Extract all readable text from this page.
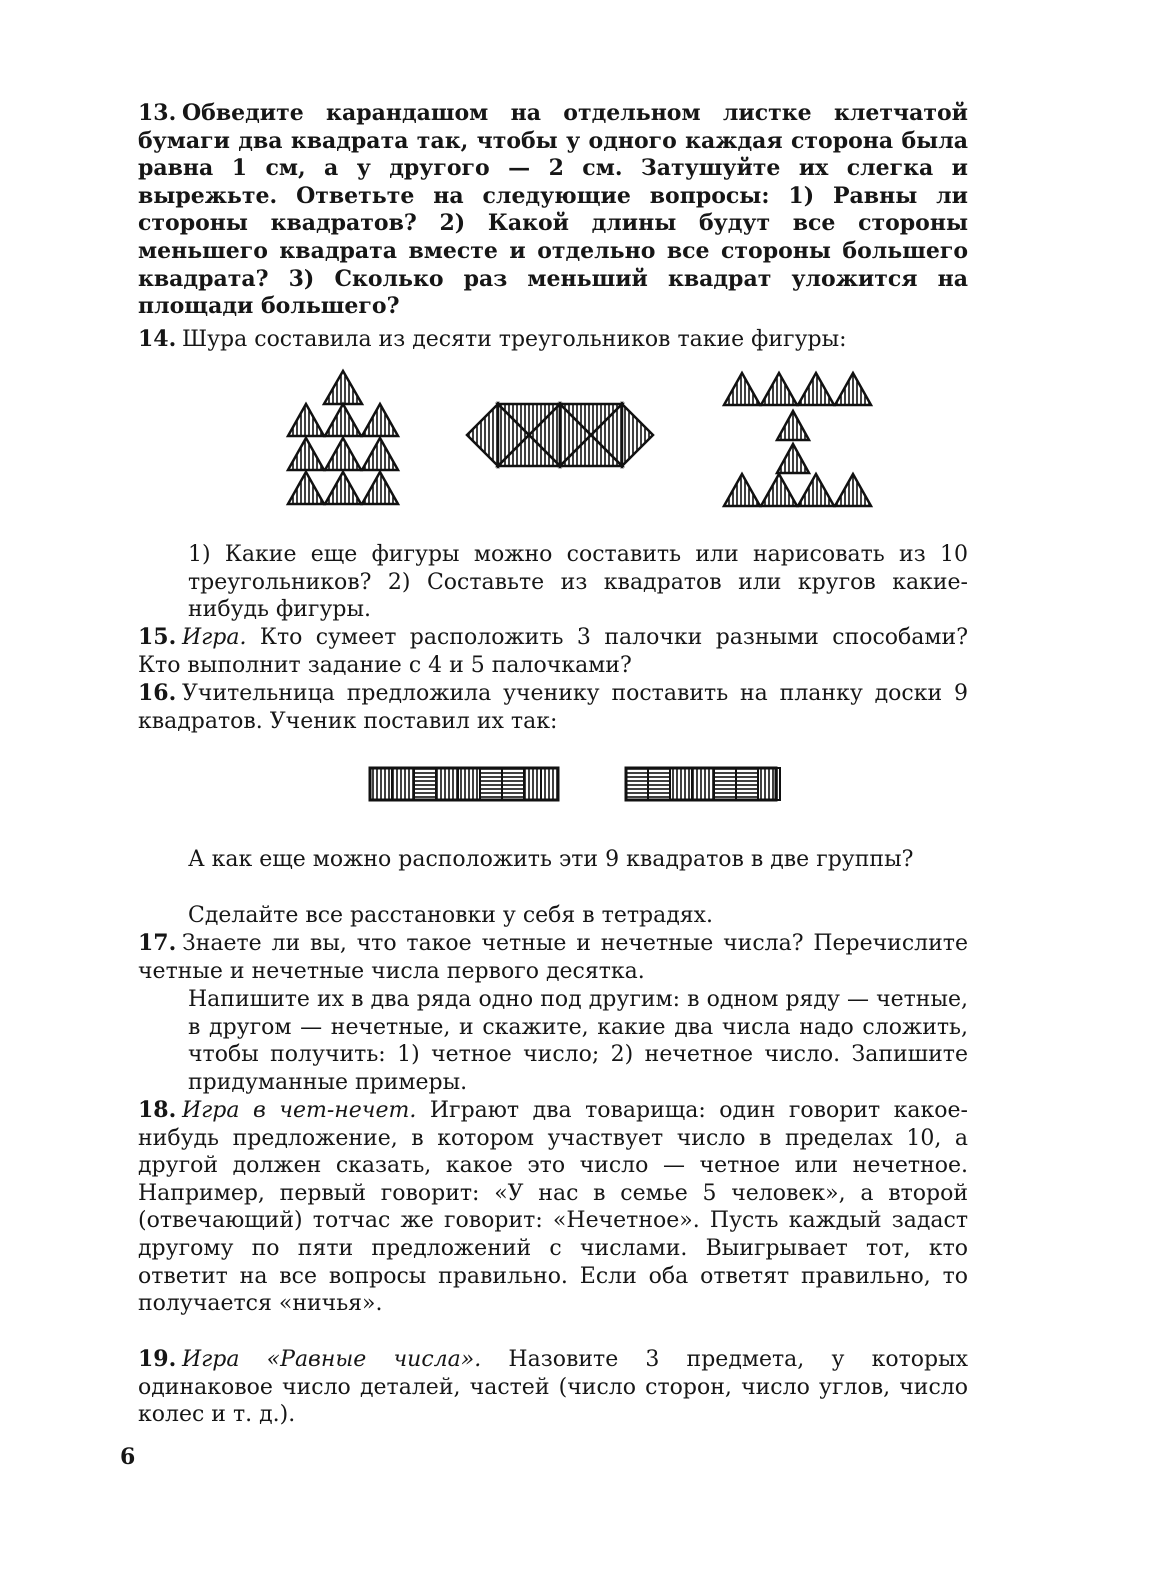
13. Обведите карандашом на отдельном листке клетчатой бумаги два квадрата так, чтобы у одного каждая сторона была равна 1 см, а у другого — 2 см. Затушуйте их слегка и вырежьте. Ответьте на следующие вопросы: 1) Равны ли стороны квадратов? 2) Какой длины будут все стороны меньшего квадрата вместе и отдельно все стороны большего квадрата? 3) Сколько раз меньший квадрат уложится на площади большего?
14. Шура составила из десяти треугольников такие фигуры:
1) Какие еще фигуры можно составить или нарисовать из 10 треугольников? 2) Составьте из квадратов или кругов какие-нибудь фигуры.
15. Игра. Кто сумеет расположить 3 палочки разными способами? Кто выполнит задание с 4 и 5 палочками?
16. Учительница предложила ученику поставить на планку доски 9 квадратов. Ученик поставил их так:
А как еще можно расположить эти 9 квадратов в две группы?
Сделайте все расстановки у себя в тетрадях.
17. Знаете ли вы, что такое четные и нечетные числа? Перечислите четные и нечетные числа первого десятка.
Напишите их в два ряда одно под другим: в одном ряду — четные, в другом — нечетные, и скажите, какие два числа надо сложить, чтобы получить: 1) четное число; 2) нечетное число. Запишите придуманные примеры.
18. Игра в чет-нечет. Играют два товарища: один говорит какое-нибудь предложение, в котором участвует число в пределах 10, а другой должен сказать, какое это число — четное или нечетное. Например, первый говорит: «У нас в семье 5 человек», а второй (отвечающий) тотчас же говорит: «Нечетное». Пусть каждый задаст другому по пяти предложений с числами. Выигрывает тот, кто ответит на все вопросы правильно. Если оба ответят правильно, то получается «ничья».
19. Игра «Равные числа». Назовите 3 предмета, у которых одинаковое число деталей, частей (число сторон, число углов, число колес и т. д.).
6
